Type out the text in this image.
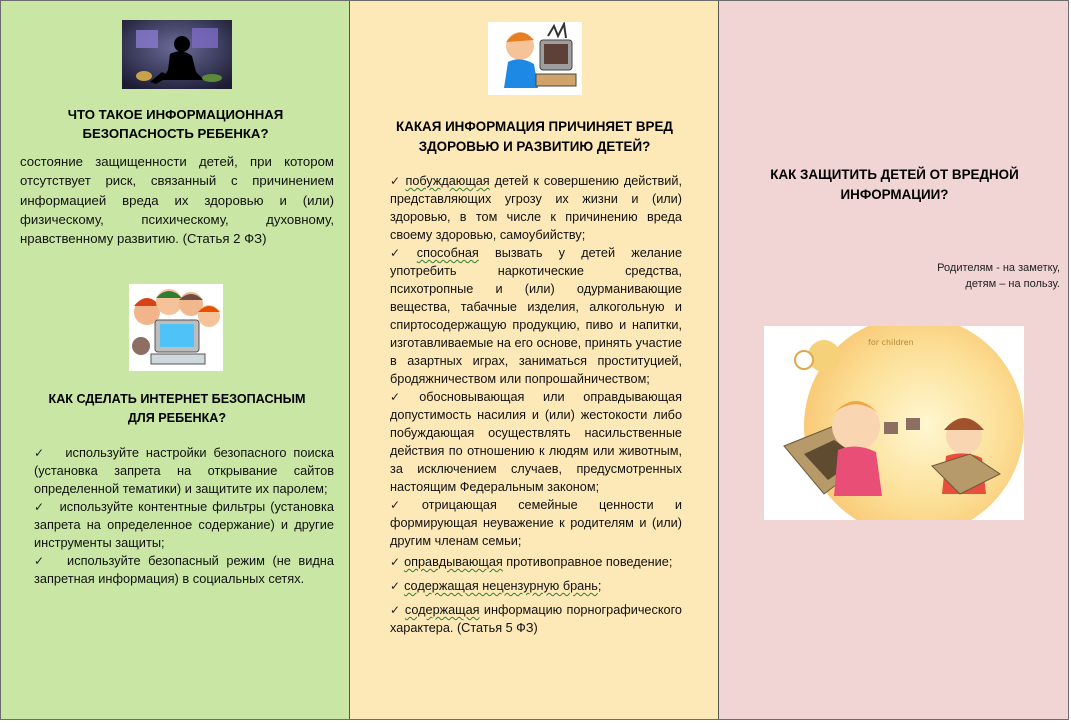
ЧТО ТАКОЕ ИНФОРМАЦИОННАЯ
БЕЗОПАСНОСТЬ РЕБЕНКА?

состояние защищенности детей, при котором отсутствует риск, связанный с причинением информацией вреда их здоровью и (или) физическому, психическому, духовному, нравственному развитию. (Статья 2 ФЗ)

КАК СДЕЛАТЬ ИНТЕРНЕТ БЕЗОПАСНЫМ
ДЛЯ РЕБЕНКА?

✓ используйте настройки безопасного поиска (установка запрета на открывание сайтов определенной тематики) и защитите их паролем;
✓ используйте контентные фильтры (установка запрета на определенное содержание) и другие инструменты защиты;
✓ используйте безопасный режим (не видна запретная информация) в социальных сетях.

КАКАЯ ИНФОРМАЦИЯ ПРИЧИНЯЕТ ВРЕД
ЗДОРОВЬЮ И РАЗВИТИЮ ДЕТЕЙ?

✓ побуждающая детей к совершению действий, представляющих угрозу их жизни и (или) здоровью, в том числе к причинению вреда своему здоровью, самоубийству;
✓ способная вызвать у детей желание употребить наркотические средства, психотропные и (или) одурманивающие вещества, табачные изделия, алкогольную и спиртосодержащую продукцию, пиво и напитки, изготавливаемые на его основе, принять участие в азартных играх, заниматься проституцией, бродяжничеством или попрошайничеством;
✓ обосновывающая или оправдывающая допустимость насилия и (или) жестокости либо побуждающая осуществлять насильственные действия по отношению к людям или животным, за исключением случаев, предусмотренных настоящим Федеральным законом;
✓ отрицающая семейные ценности и формирующая неуважение к родителям и (или) другим членам семьи;
✓ оправдывающая противоправное поведение;
✓ содержащая нецензурную брань;
✓ содержащая информацию порнографического характера. (Статья 5 ФЗ)

КАК ЗАЩИТИТЬ ДЕТЕЙ ОТ ВРЕДНОЙ
ИНФОРМАЦИИ?

Родителям - на заметку,
детям – на пользу.

for children
